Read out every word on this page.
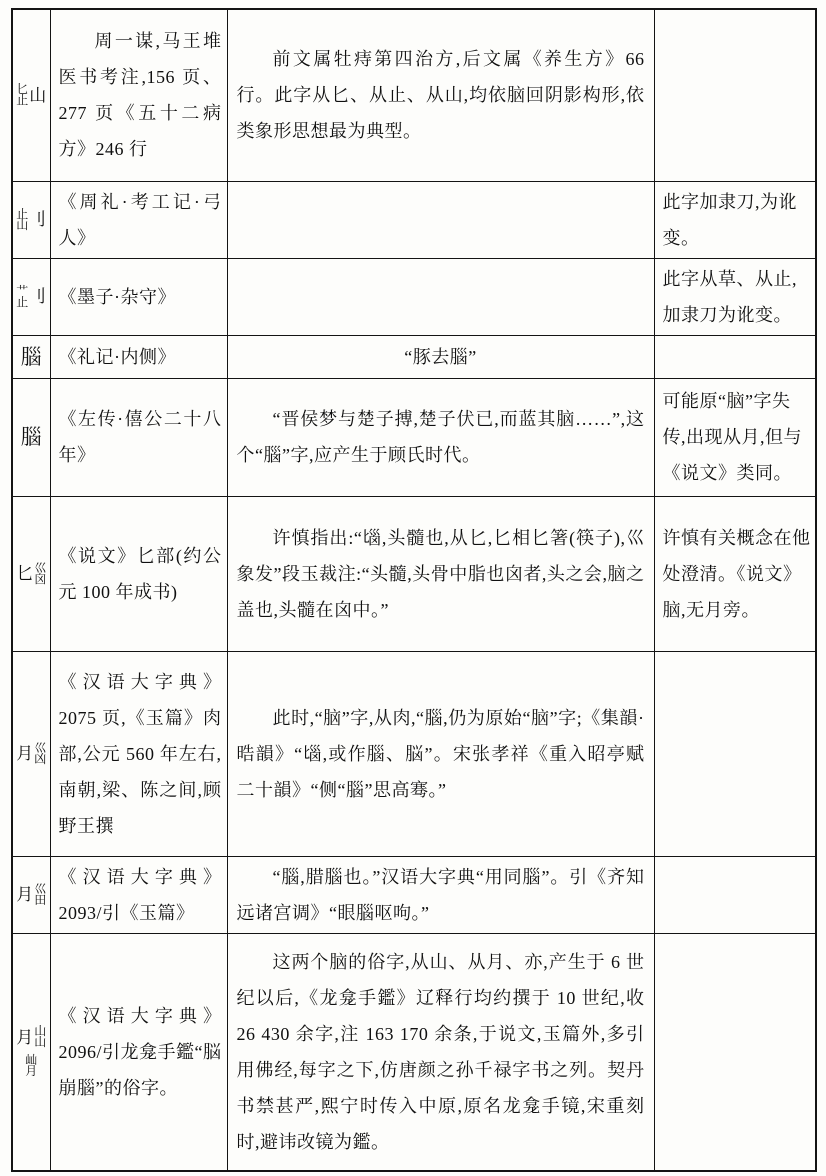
匕
止 山	周一谋,马王堆医书考注,156 页、277 页《五十二病方》246 行	前文属牡痔第四治方,后文属《养生方》66 行。此字从匕、从止、从山,均依脑回阴影构形,依类象形思想最为典型。	

止
山 刂	《周礼·考工记·弓人》		此字加隶刀,为讹变。

艹
止 刂	《墨子·杂守》		此字从草、从止,加隶刀为讹变。

腦	《礼记·内侧》	“豚去腦”	

腦	《左传·僖公二十八年》	“晋侯梦与楚子搏,楚子伏已,而蓝其脑……”,这个“腦”字,应产生于顾氏时代。	可能原“脑”字失传,出现从月,但与《说文》类同。

匕 巛
囟	《说文》匕部(约公元 100 年成书)	许慎指出:“匘,头髓也,从匕,匕相匕箸(筷子),巛象发”段玉裁注:“头髓,头骨中脂也囟者,头之会,脑之盖也,头髓在囟中。”	许慎有关概念在他处澄清。《说文》脑,无月旁。

月 巛
凶	《汉语大字典》2075 页,《玉篇》肉部,公元 560 年左右,南朝,梁、陈之间,顾野王撰	此时,“脑”字,从肉,“腦,仍为原始“脑”字;《集韻·晧韻》“匘,或作腦、脳”。宋张孝祥《重入昭亭赋二十韻》“侧“腦”思高骞。”	

月 巛
田	《汉语大字典》2093/引《玉篇》	“腦,腊腦也。”汉语大字典“用同腦”。引《齐知远诸宫调》“眼腦呕呴。”	

月 山
山
屾
月	《汉语大字典》2096/引龙龛手鑑“脳崩腦”的俗字。	这两个脑的俗字,从山、从月、亦,产生于 6 世纪以后,《龙龛手鑑》辽释行均约撰于 10 世纪,收 26 430 余字,注 163 170 余条,于说文,玉篇外,多引用佛经,每字之下,仿唐颜之孙千禄字书之列。契丹书禁甚严,熙宁时传入中原,原名龙龛手镜,宋重刻时,避讳改镜为鑑。	
